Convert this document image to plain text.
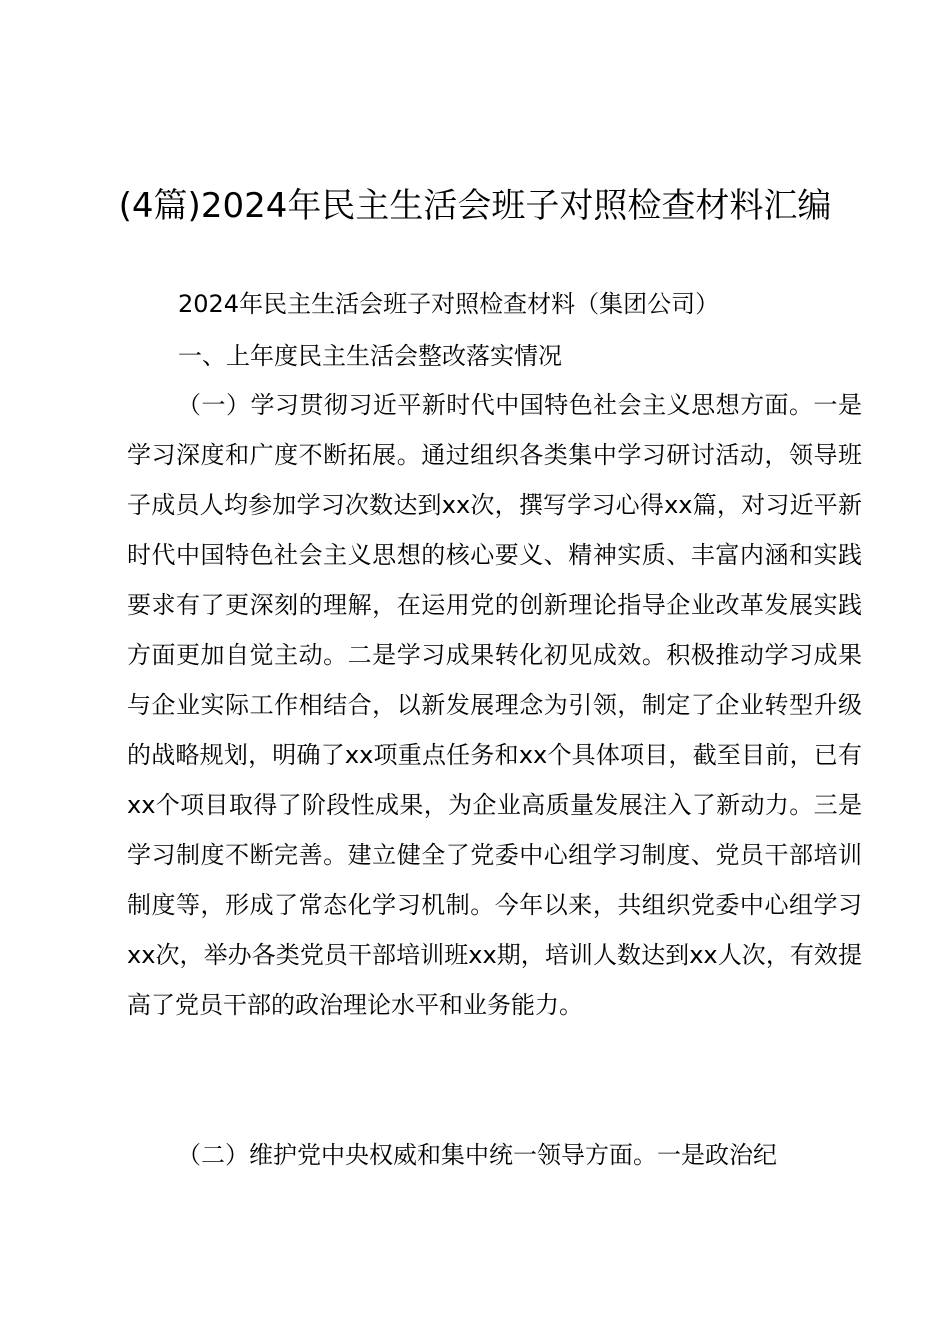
(4篇)2024年民主生活会班子对照检查材料汇编

2024年民主生活会班子对照检查材料（集团公司）

一、上年度民主生活会整改落实情况

（一）学习贯彻习近平新时代中国特色社会主义思想方面。一是学习深度和广度不断拓展。通过组织各类集中学习研讨活动，领导班子成员人均参加学习次数达到xx次，撰写学习心得xx篇，对习近平新时代中国特色社会主义思想的核心要义、精神实质、丰富内涵和实践要求有了更深刻的理解，在运用党的创新理论指导企业改革发展实践方面更加自觉主动。二是学习成果转化初见成效。积极推动学习成果与企业实际工作相结合，以新发展理念为引领，制定了企业转型升级的战略规划，明确了xx项重点任务和xx个具体项目，截至目前，已有xx个项目取得了阶段性成果，为企业高质量发展注入了新动力。三是学习制度不断完善。建立健全了党委中心组学习制度、党员干部培训制度等，形成了常态化学习机制。今年以来，共组织党委中心组学习xx次，举办各类党员干部培训班xx期，培训人数达到xx人次，有效提高了党员干部的政治理论水平和业务能力。

（二）维护党中央权威和集中统一领导方面。一是政治纪
